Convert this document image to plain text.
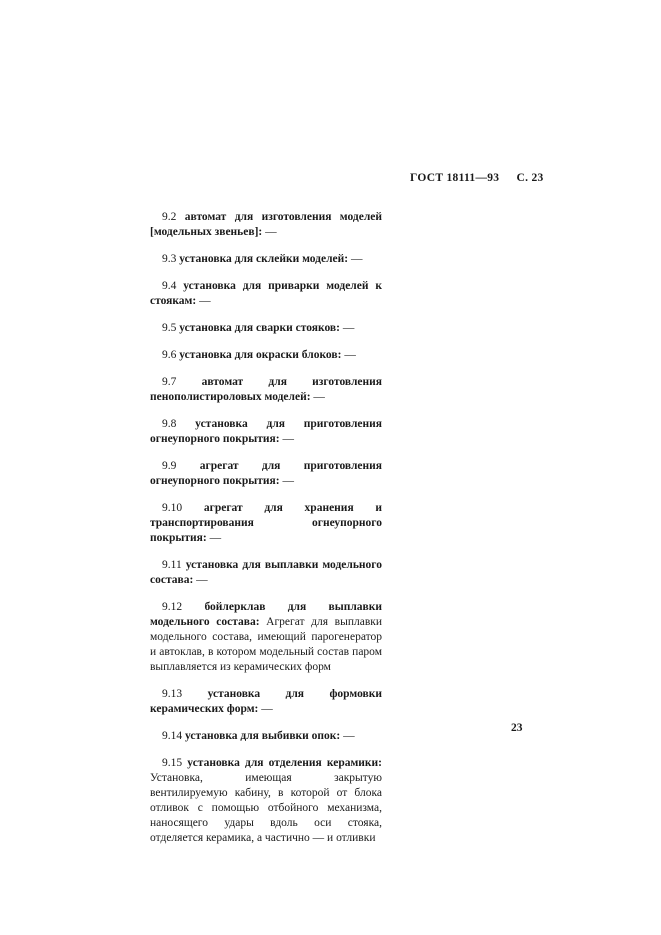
ГОСТ 18111—93 С. 23

9.2 автомат для изготовления моделей [модельных звеньев]: —

9.3 установка для склейки моделей: —

9.4 установка для приварки моделей к стоякам: —

9.5 установка для сварки стояков: —

9.6 установка для окраски блоков: —

9.7 автомат для изготовления пенополистироловых моделей: —

9.8 установка для приготовления огнеупорного покрытия: —

9.9 агрегат для приготовления огнеупорного покрытия: —

9.10 агрегат для хранения и транспортирования огнеупорного покрытия: —

9.11 установка для выплавки модельного состава: —

9.12 бойлерклав для выплавки модельного состава: Агрегат для выплавки модельного состава, имеющий парогенератор и автоклав, в котором модельный состав паром выплавляется из керамических форм

9.13 установка для формовки керамических форм: —

9.14 установка для выбивки опок: —

9.15 установка для отделения керамики: Установка, имеющая закрытую вентилируемую кабину, в которой от блока отливок с помощью отбойного механизма, наносящего удары вдоль оси стояка, отделяется керамика, а частично — и отливки

23
